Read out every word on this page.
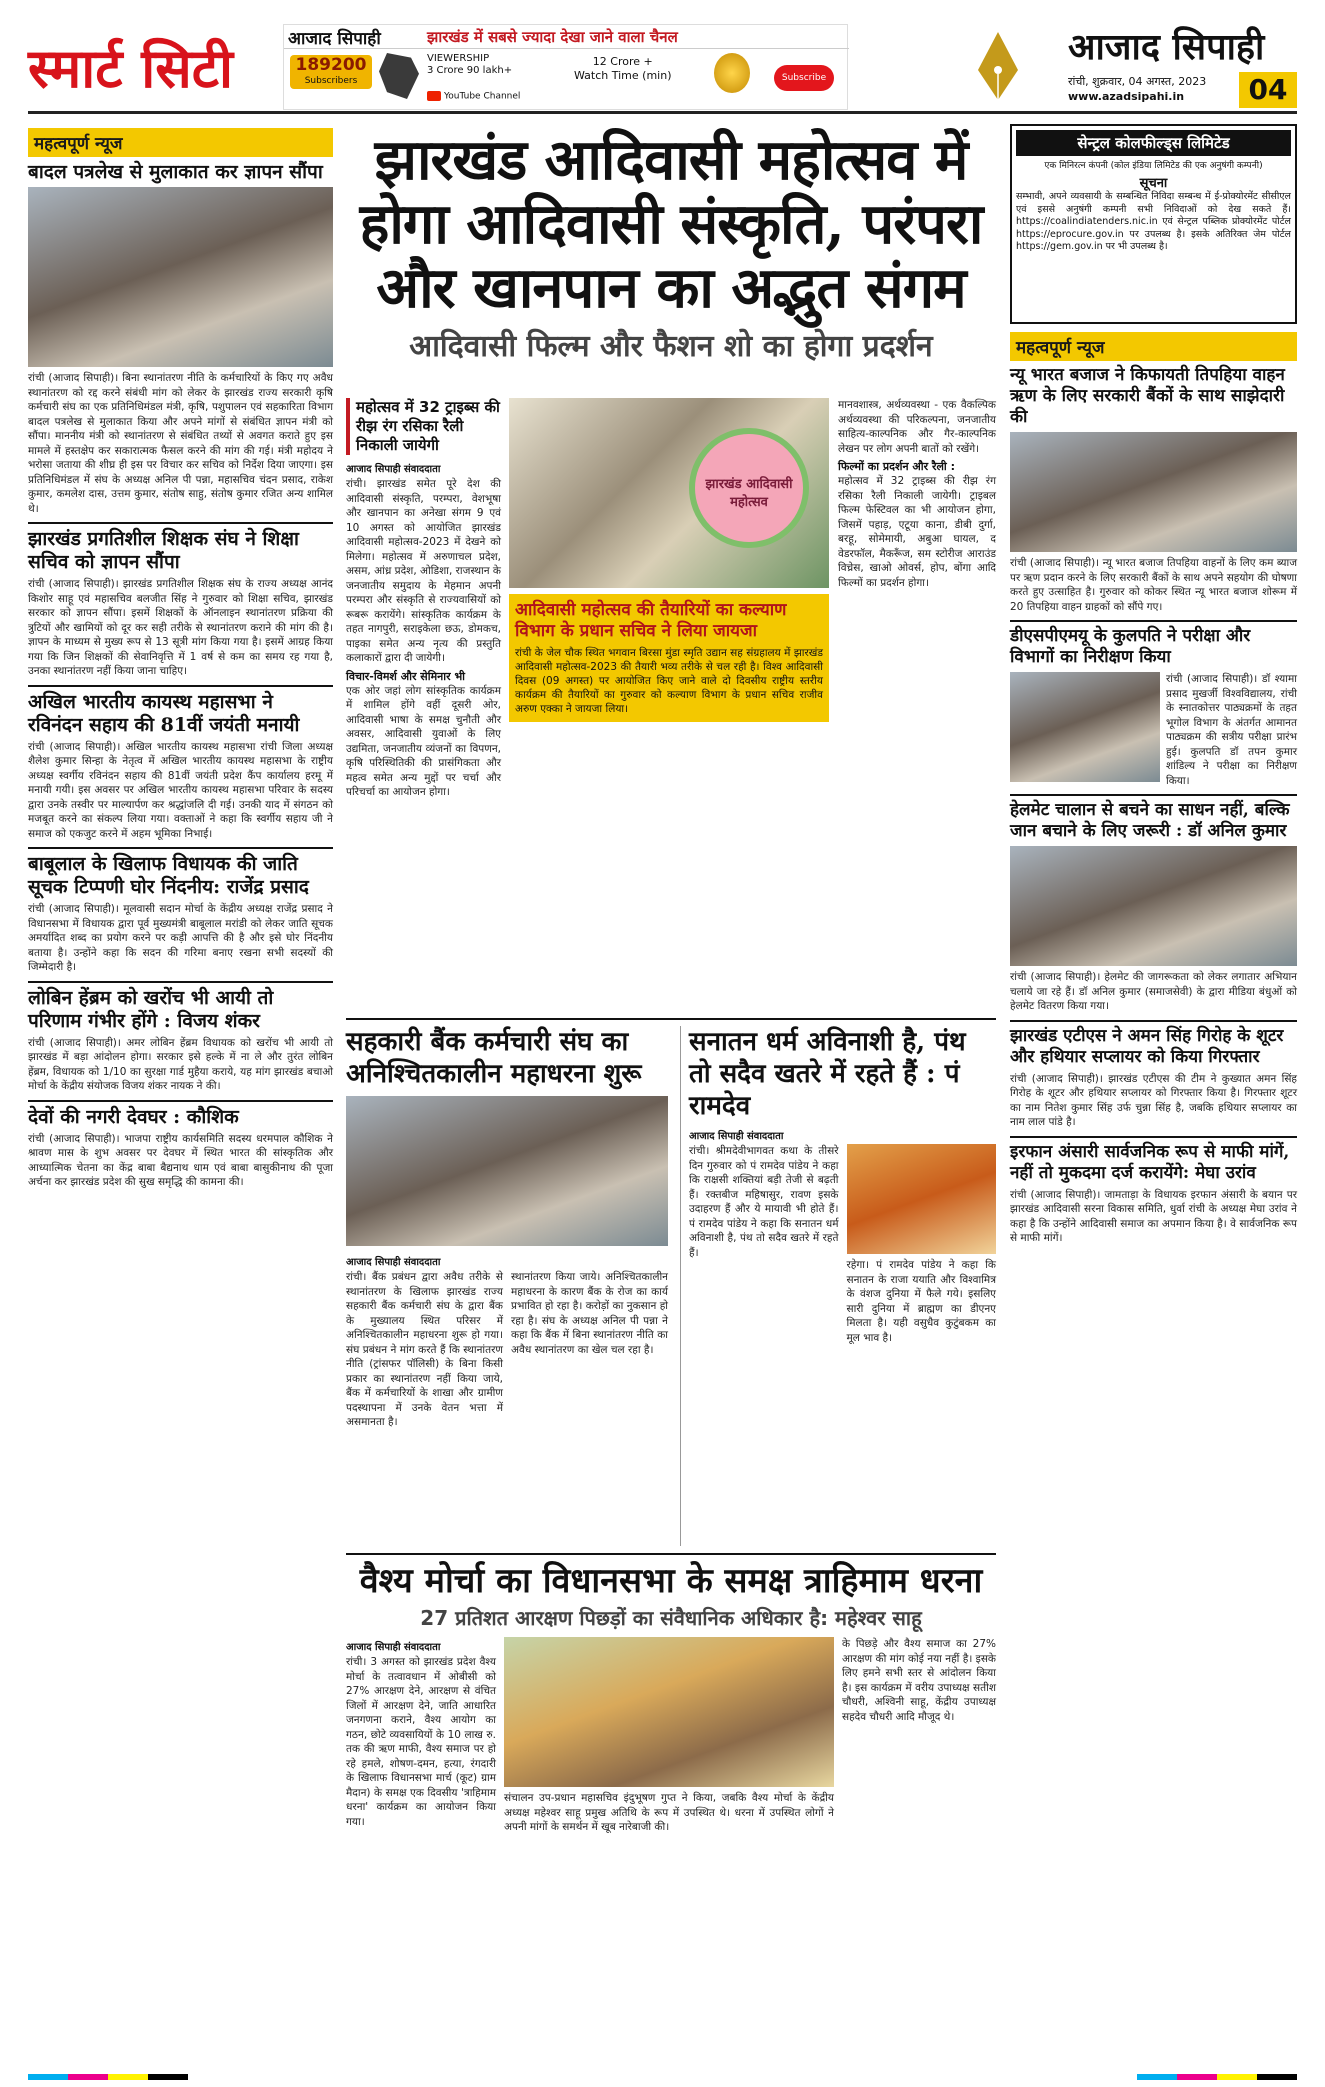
स्मार्ट सिटी	आजाद सिपाही	झारखंड में सबसे ज्यादा देखा जाने वाला चैनल
189200
Subscribers
VIEWERSHIP
3 Crore 90 lakh+
12 Crore +
Watch Time (min)
YouTube Channel
Subscribe NOW
आजाद सिपाही
रांची, शुक्रवार, 04 अगस्त, 2023
www.azadsipahi.in	04
महत्वपूर्ण न्यूज
बादल पत्रलेख से मुलाकात कर ज्ञापन सौंपा

रांची (आजाद सिपाही)। बिना स्थानांतरण नीति के कर्मचारियों के किए गए अवैध स्थानांतरण को रद्द करने संबंधी मांग को लेकर के झारखंड राज्य सरकारी कृषि कर्मचारी संघ का एक प्रतिनिधिमंडल मंत्री, कृषि, पशुपालन एवं सहकारिता विभाग बादल पत्रलेख से मुलाकात किया और अपने मांगों से संबंधित ज्ञापन मंत्री को सौंपा। माननीय मंत्री को स्थानांतरण से संबंधित तथ्यों से अवगत कराते हुए इस मामले में हस्तक्षेप कर सकारात्मक फैसल करने की मांग की गई। मंत्री महोदय ने भरोसा जताया की शीघ्र ही इस पर विचार कर सचिव को निर्देश दिया जाएगा। इस प्रतिनिधिमंडल में संघ के अध्यक्ष अनिल पी पन्ना, महासचिव चंदन प्रसाद, राकेश कुमार, कमलेश दास, उत्तम कुमार, संतोष साहु, संतोष कुमार रजित अन्य शामिल थे।

झारखंड प्रगतिशील शिक्षक संघ ने शिक्षा सचिव को ज्ञापन सौंपा

रांची (आजाद सिपाही)। झारखंड प्रगतिशील शिक्षक संघ के राज्य अध्यक्ष आनंद किशोर साहू एवं महासचिव बलजीत सिंह ने गुरुवार को शिक्षा सचिव, झारखंड सरकार को ज्ञापन सौंपा। इसमें शिक्षकों के ऑनलाइन स्थानांतरण प्रक्रिया की त्रुटियों और खामियों को दूर कर सही तरीके से स्थानांतरण कराने की मांग की है। ज्ञापन के माध्यम से मुख्य रूप से 13 सूत्री मांग किया गया है। इसमें आग्रह किया गया कि जिन शिक्षकों की सेवानिवृत्ति में 1 वर्ष से कम का समय रह गया है, उनका स्थानांतरण नहीं किया जाना चाहिए।

अखिल भारतीय कायस्थ महासभा ने रविनंदन सहाय की 81वीं जयंती मनायी

रांची (आजाद सिपाही)। अखिल भारतीय कायस्थ महासभा रांची जिला अध्यक्ष शैलेश कुमार सिन्हा के नेतृत्व में अखिल भारतीय कायस्थ महासभा के राष्ट्रीय अध्यक्ष स्वर्गीय रविनंदन सहाय की 81वीं जयंती प्रदेश कैंप कार्यालय हरमू में मनायी गयी। इस अवसर पर अखिल भारतीय कायस्थ महासभा परिवार के सदस्य द्वारा उनके तस्वीर पर माल्यार्पण कर श्रद्धांजलि दी गई। उनकी याद में संगठन को मजबूत करने का संकल्प लिया गया। वक्ताओं ने कहा कि स्वर्गीय सहाय जी ने समाज को एकजुट करने में अहम भूमिका निभाई।

बाबूलाल के खिलाफ विधायक की जाति सूचक टिप्पणी घोर निंदनीय: राजेंद्र प्रसाद

रांची (आजाद सिपाही)। मूलवासी सदान मोर्चा के केंद्रीय अध्यक्ष राजेंद्र प्रसाद ने विधानसभा में विधायक द्वारा पूर्व मुख्यमंत्री बाबूलाल मरांडी को लेकर जाति सूचक अमर्यादित शब्द का प्रयोग करने पर कड़ी आपत्ति की है और इसे घोर निंदनीय बताया है। उन्होंने कहा कि सदन की गरिमा बनाए रखना सभी सदस्यों की जिम्मेदारी है।

लोबिन हेंब्रम को खरोंच भी आयी तो परिणाम गंभीर होंगे : विजय शंकर

रांची (आजाद सिपाही)। अमर लोबिन हेंब्रम विधायक को खरोंच भी आयी तो झारखंड में बड़ा आंदोलन होगा। सरकार इसे हल्के में ना ले और तुरंत लोबिन हेंब्रम, विधायक को 1/10 का सुरक्षा गार्ड मुहैया कराये, यह मांग झारखंड बचाओ मोर्चा के केंद्रीय संयोजक विजय शंकर नायक ने की।

देवों की नगरी देवघर : कौशिक

रांची (आजाद सिपाही)। भाजपा राष्ट्रीय कार्यसमिति सदस्य धरमपाल कौशिक ने श्रावण मास के शुभ अवसर पर देवघर में स्थित भारत की सांस्कृतिक और आध्यात्मिक चेतना का केंद्र बाबा बैद्यनाथ धाम एवं बाबा बासुकीनाथ की पूजा अर्चना कर झारखंड प्रदेश की सुख समृद्धि की कामना की।

झारखंड आदिवासी महोत्सव में होगा आदिवासी संस्कृति, परंपरा और खानपान का अद्भुत संगम
आदिवासी फिल्म और फैशन शो का होगा प्रदर्शन
महोत्सव में 32 ट्राइब्स की रीझ रंग रसिका रैली निकाली जायेगी
आजाद सिपाही संवाददाता

रांची। झारखंड समेत पूरे देश की आदिवासी संस्कृति, परम्परा, वेशभूषा और खानपान का अनेखा संगम 9 एवं 10 अगस्त को आयोजित झारखंड आदिवासी महोत्सव-2023 में देखने को मिलेगा। महोत्सव में अरुणाचल प्रदेश, असम, आंध्र प्रदेश, ओडिशा, राजस्थान के जनजातीय समुदाय के मेहमान अपनी परम्परा और संस्कृति से राज्यवासियों को रूबरू करायेंगे। सांस्कृतिक कार्यक्रम के तहत नागपुरी, सराइकेला छऊ, डोमकच, पाइका समेत अन्य नृत्य की प्रस्तुति कलाकारों द्वारा दी जायेगी।

विचार-विमर्श और सेमिनार भी

एक ओर जहां लोग सांस्कृतिक कार्यक्रम में शामिल होंगे वहीं दूसरी ओर, आदिवासी भाषा के समक्ष चुनौती और अवसर, आदिवासी युवाओं के लिए उद्यमिता, जनजातीय व्यंजनों का विपणन, कृषि परिस्थितिकी की प्रासंगिकता और महत्व समेत अन्य मुद्दों पर चर्चा और परिचर्चा का आयोजन होगा।

झारखंड आदिवासी महोत्सव
आदिवासी महोत्सव की तैयारियों का कल्याण विभाग के प्रधान सचिव ने लिया जायजा

रांची के जेल चौक स्थित भगवान बिरसा मुंडा स्मृति उद्यान सह संग्रहालय में झारखंड आदिवासी महोत्सव-2023 की तैयारी भव्य तरीके से चल रही है। विश्व आदिवासी दिवस (09 अगस्त) पर आयोजित किए जाने वाले दो दिवसीय राष्ट्रीय स्तरीय कार्यक्रम की तैयारियों का गुरुवार को कल्याण विभाग के प्रधान सचिव राजीव अरुण एक्का ने जायजा लिया।

मानवशास्त्र, अर्थव्यवस्था - एक वैकल्पिक अर्थव्यवस्था की परिकल्पना, जनजातीय साहित्य-काल्पनिक और गैर-काल्पनिक लेखन पर लोग अपनी बातों को रखेंगे।

फिल्मों का प्रदर्शन और रैली :

महोत्सव में 32 ट्राइब्स की रीझ रंग रसिका रैली निकाली जायेगी। ट्राइबल फिल्म फेस्टिवल का भी आयोजन होगा, जिसमें पहाड़, एटूया काना, डीबी दुर्गा, बरहू, सोमेमायी, अबुआ घायल, द वेडरफॉल, मैकरूँज, सम स्टोरीज आराउंड विच्रेस, खाओ ओवर्स, होप, बोंगा आदि फिल्मों का प्रदर्शन होगा।

सहकारी बैंक कर्मचारी संघ का अनिश्चितकालीन महाधरना शुरू
आजाद सिपाही संवाददाता

रांची। बैंक प्रबंधन द्वारा अवैध तरीके से स्थानांतरण के खिलाफ झारखंड राज्य सहकारी बैंक कर्मचारी संघ के द्वारा बैंक के मुख्यालय स्थित परिसर में अनिश्चितकालीन महाधरना शुरू हो गया। संघ प्रबंधन ने मांग करते हैं कि स्थानांतरण नीति (ट्रांसफर पॉलिसी) के बिना किसी प्रकार का स्थानांतरण नहीं किया जाये, बैंक में कर्मचारियों के शाखा और ग्रामीण पदस्थापना में उनके वेतन भत्ता में असमानता है।

स्थानांतरण किया जाये। अनिश्चितकालीन महाधरना के कारण बैंक के रोज का कार्य प्रभावित हो रहा है। करोड़ों का नुकसान हो रहा है। संघ के अध्यक्ष अनिल पी पन्ना ने कहा कि बैंक में बिना स्थानांतरण नीति का अवैध स्थानांतरण का खेल चल रहा है।

सनातन धर्म अविनाशी है, पंथ तो सदैव खतरे में रहते हैं : पं रामदेव
आजाद सिपाही संवाददाता

रांची। श्रीमदेवीभागवत कथा के तीसरे दिन गुरुवार को पं रामदेव पांडेय ने कहा कि राक्षसी शक्तियां बड़ी तेजी से बढ़ती हैं। रक्तबीज महिषासुर, रावण इसके उदाहरण हैं और ये मायावी भी होते हैं। पं रामदेव पांडेय ने कहा कि सनातन धर्म अविनाशी है, पंथ तो सदैव खतरे में रहते हैं।

रहेगा। पं रामदेव पांडेय ने कहा कि सनातन के राजा ययाति और विश्वामित्र के वंशज दुनिया में फैले गये। इसलिए सारी दुनिया में ब्राह्मण का डीएनए मिलता है। यही वसुधैव कुटुंबकम का मूल भाव है।

वैश्य मोर्चा का विधानसभा के समक्ष त्राहिमाम धरना
27 प्रतिशत आरक्षण पिछड़ों का संवैधानिक अधिकार है: महेश्वर साहू
आजाद सिपाही संवाददाता

रांची। 3 अगस्त को झारखंड प्रदेश वैश्य मोर्चा के तत्वावधान में ओबीसी को 27% आरक्षण देने, आरक्षण से वंचित जिलों में आरक्षण देने, जाति आधारित जनगणना कराने, वैश्य आयोग का गठन, छोटे व्यवसायियों के 10 लाख रु. तक की ऋण माफी, वैश्य समाज पर हो रहे हमले, शोषण-दमन, हत्या, रंगदारी के खिलाफ विधानसभा मार्च (कूट) ग्राम मैदान) के समक्ष एक दिवसीय 'त्राहिमाम धरना' कार्यक्रम का आयोजन किया गया।

संचालन उप-प्रधान महासचिव इंदुभूषण गुप्त ने किया, जबकि वैश्य मोर्चा के केंद्रीय अध्यक्ष महेश्वर साहू प्रमुख अतिथि के रूप में उपस्थित थे। धरना में उपस्थित लोगों ने अपनी मांगों के समर्थन में खूब नारेबाजी की।

के पिछड़े और वैश्य समाज का 27% आरक्षण की मांग कोई नया नहीं है। इसके लिए हमने सभी स्तर से आंदोलन किया है। इस कार्यक्रम में वरीय उपाध्यक्ष सतीश चौधरी, अश्विनी साहू, केंद्रीय उपाध्यक्ष सहदेव चौधरी आदि मौजूद थे।

सेन्ट्रल कोलफील्ड्स लिमिटेड
एक मिनिरत्न कंपनी (कोल इंडिया लिमिटेड की एक अनुषंगी कम्पनी)
सूचना

सम्भावी, अपने व्यवसायी के सम्बन्धित निविदा सम्बन्ध में ई-प्रोक्योरमेंट सीसीएल एवं इससे अनुषंगी कम्पनी सभी निविदाओं को देख सकते हैं। https://coalindiatenders.nic.in एवं सेन्ट्रल पब्लिक प्रोक्योरमेंट पोर्टल https://eprocure.gov.in पर उपलब्ध है। इसके अतिरिक्त जेम पोर्टल https://gem.gov.in पर भी उपलब्ध है।

महत्वपूर्ण न्यूज
न्यू भारत बजाज ने किफायती तिपहिया वाहन ऋण के लिए सरकारी बैंकों के साथ साझेदारी की

रांची (आजाद सिपाही)। न्यू भारत बजाज तिपहिया वाहनों के लिए कम ब्याज पर ऋण प्रदान करने के लिए सरकारी बैंकों के साथ अपने सहयोग की घोषणा करते हुए उत्साहित है। गुरुवार को कोकर स्थित न्यू भारत बजाज शोरूम में 20 तिपहिया वाहन ग्राहकों को सौंपे गए।

डीएसपीएमयू के कुलपति ने परीक्षा और विभागों का निरीक्षण किया

रांची (आजाद सिपाही)। डॉ श्यामा प्रसाद मुखर्जी विश्वविद्यालय, रांची के स्नातकोत्तर पाठ्यक्रमों के तहत भूगोल विभाग के अंतर्गत आमानत पाठ्यक्रम की सत्रीय परीक्षा प्रारंभ हुई। कुलपति डॉ तपन कुमार शांडिल्य ने परीक्षा का निरीक्षण किया।

हेलमेट चालान से बचने का साधन नहीं, बल्कि जान बचाने के लिए जरूरी : डॉ अनिल कुमार

रांची (आजाद सिपाही)। हेलमेट की जागरूकता को लेकर लगातार अभियान चलाये जा रहे हैं। डॉ अनिल कुमार (समाजसेवी) के द्वारा मीडिया बंधुओं को हेलमेट वितरण किया गया।

झारखंड एटीएस ने अमन सिंह गिरोह के शूटर और हथियार सप्लायर को किया गिरफ्तार

रांची (आजाद सिपाही)। झारखंड एटीएस की टीम ने कुख्यात अमन सिंह गिरोह के शूटर और हथियार सप्लायर को गिरफ्तार किया है। गिरफ्तार शूटर का नाम नितेश कुमार सिंह उर्फ चुन्ना सिंह है, जबकि हथियार सप्लायर का नाम लाल पांडे है।

इरफान अंसारी सार्वजनिक रूप से माफी मांगें, नहीं तो मुकदमा दर्ज करायेंगे: मेघा उरांव

रांची (आजाद सिपाही)। जामताड़ा के विधायक इरफान अंसारी के बयान पर झारखंड आदिवासी सरना विकास समिति, धुर्वा रांची के अध्यक्ष मेघा उरांव ने कहा है कि उन्होंने आदिवासी समाज का अपमान किया है। वे सार्वजनिक रूप से माफी मांगें।
